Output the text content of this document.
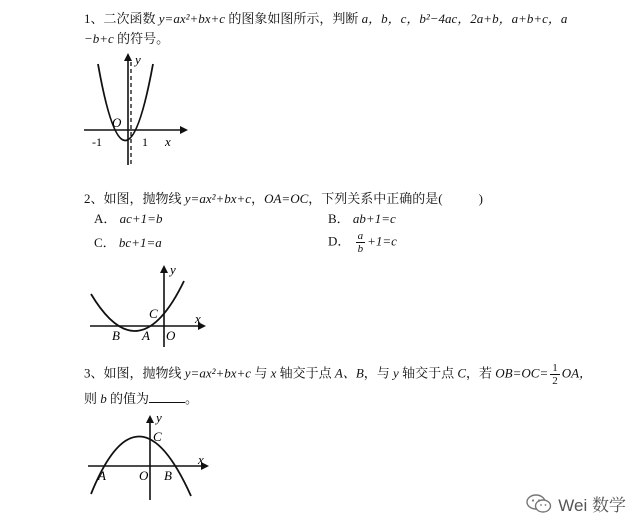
1、二次函数 y=ax²+bx+c 的图象如图所示，判断 a，b，c，b²−4ac，2a+b，a+b+c，a
−b+c 的符号。
y
O
-1	1 x
2、如图，抛物线 y=ax²+bx+c，OA=OC，下列关系中正确的是(	)
A． ac+1=b	B． ab+1=c
C． bc+1=a	D． $\frac{a}{b} +1=c$
y
C	x
B A O
3、如图，抛物线 y=ax²+bx+c 与 x 轴交于点 A、B，与 y 轴交于点 C，若 $OB=OC= \frac{1}{2}$ OA，
则 b 的值为	。
y
C
x
A	O B
Wei 数学
